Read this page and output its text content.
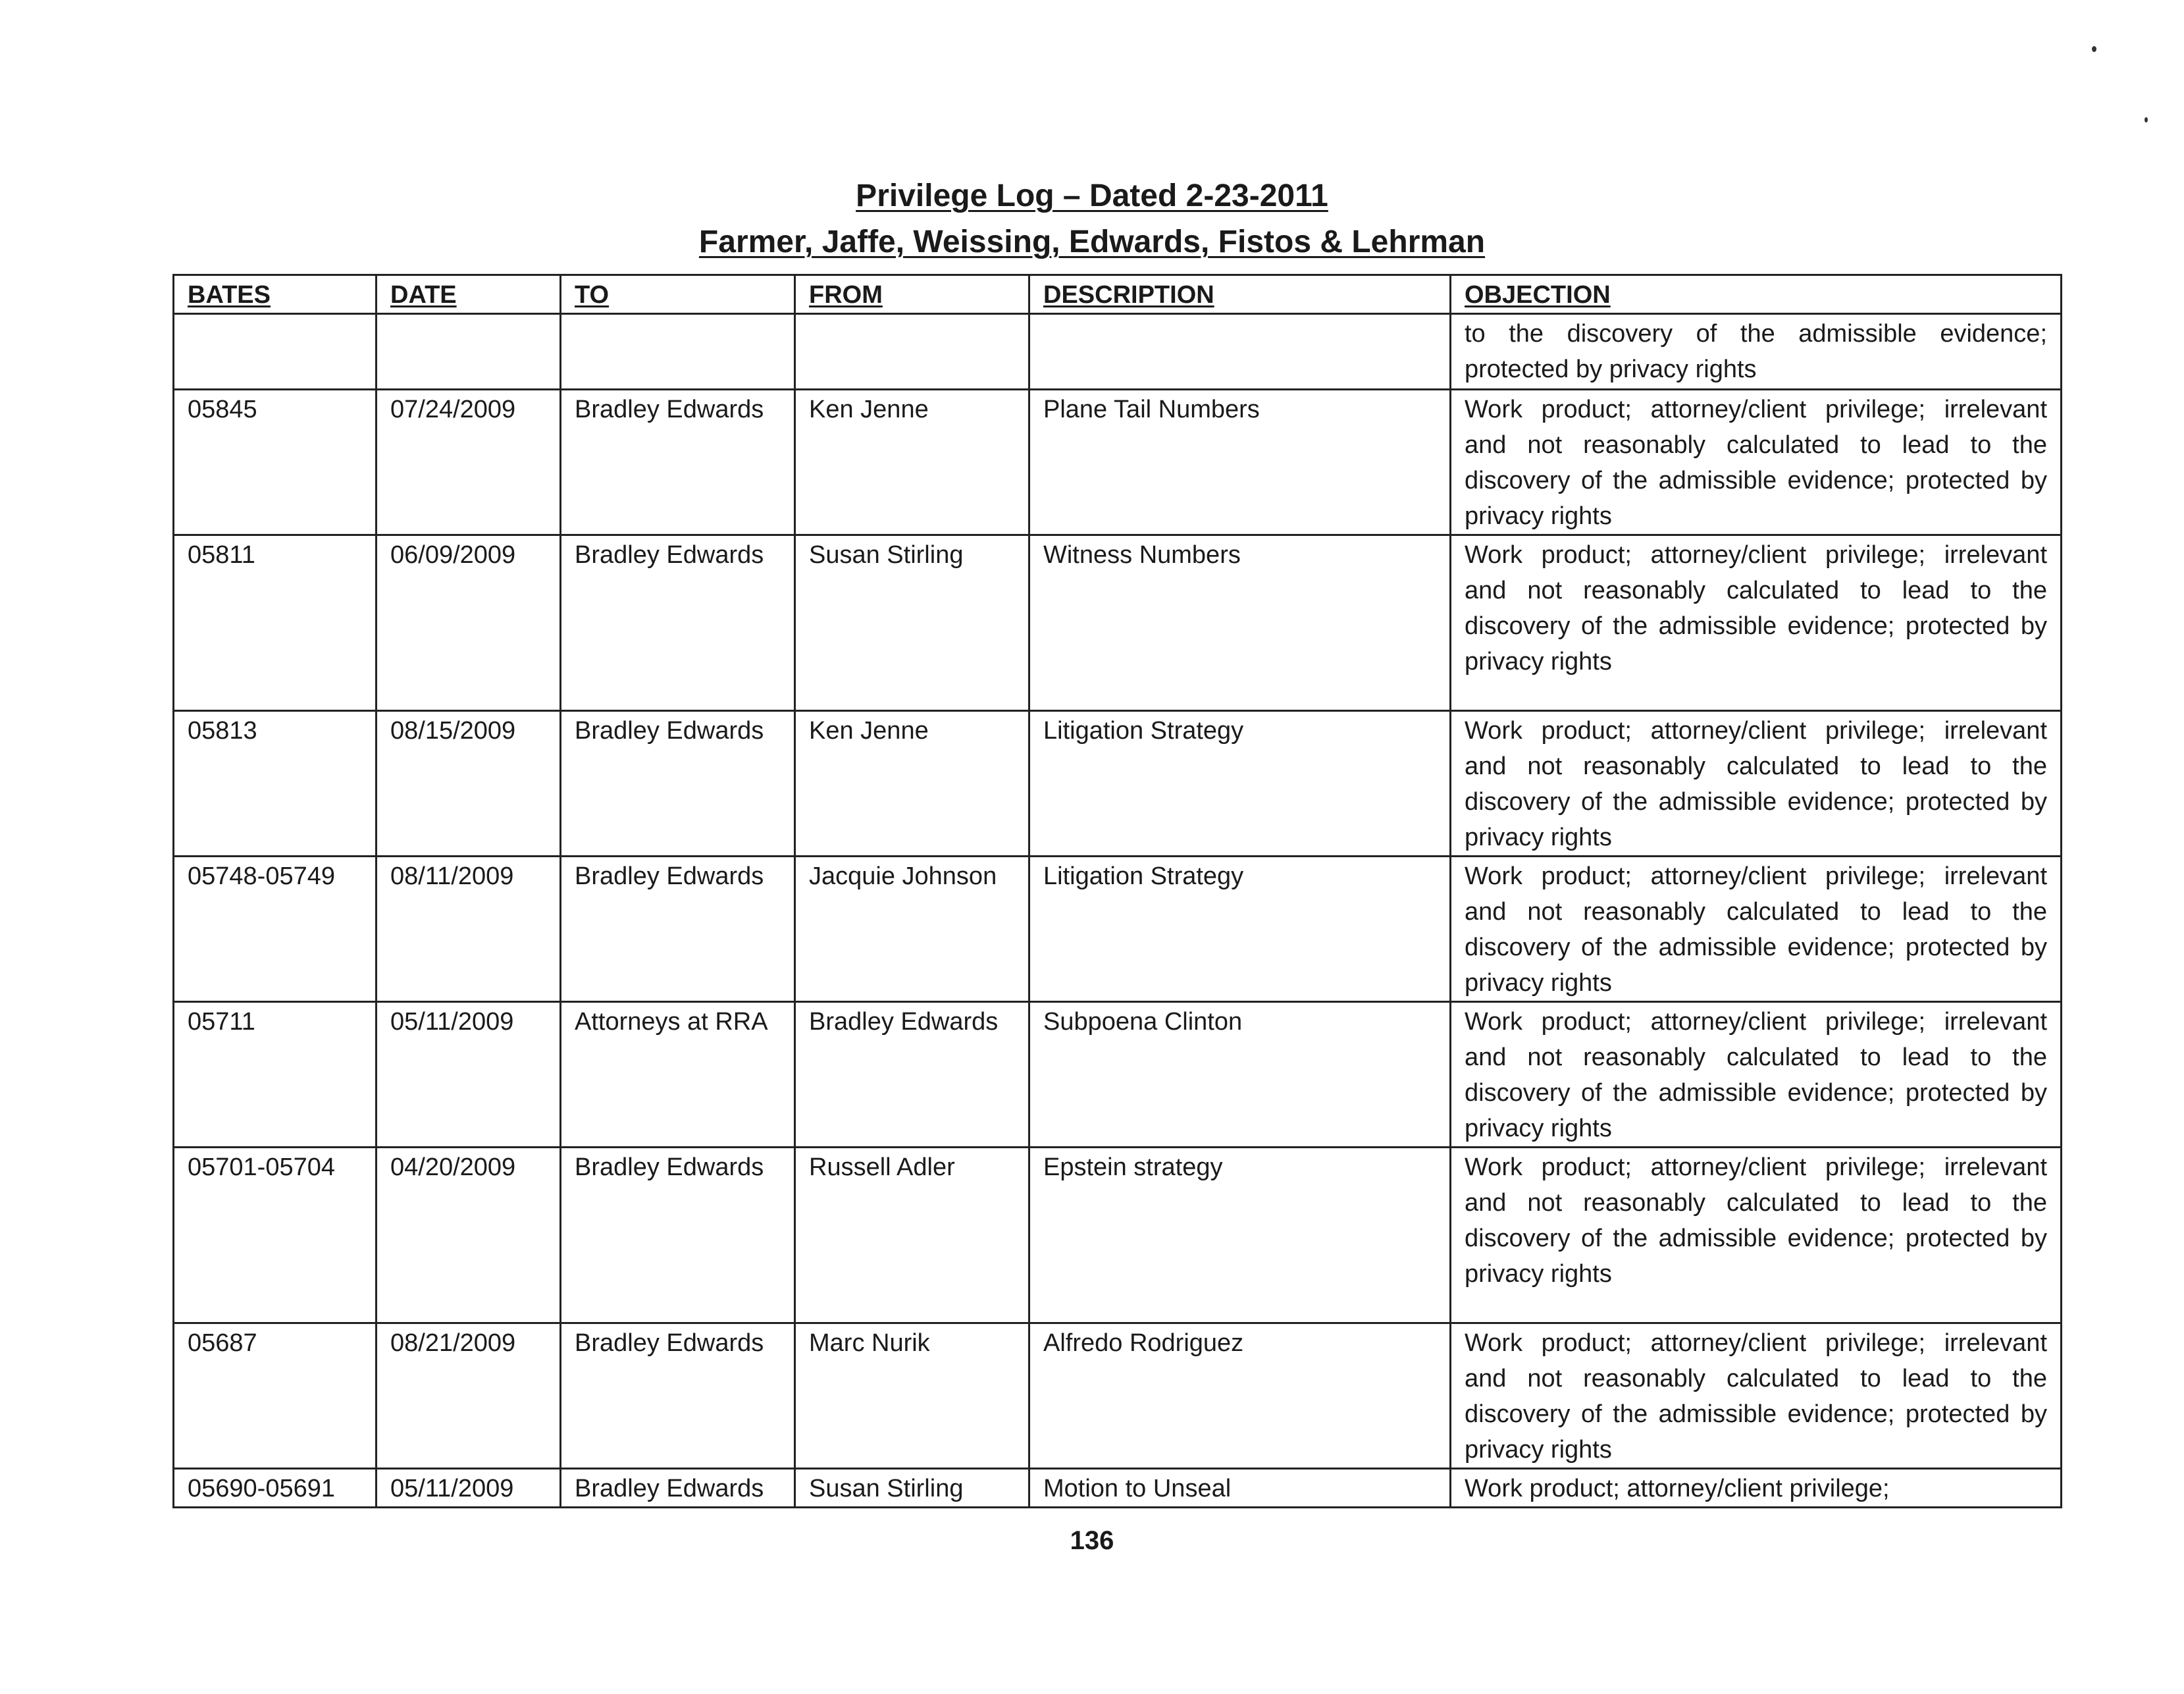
Privilege Log – Dated 2-23-2011
Farmer, Jaffe, Weissing, Edwards, Fistos & Lehrman
BATES	DATE	TO	FROM	DESCRIPTION	OBJECTION
					to the discovery of the admissible evidence; protected by privacy rights
05845	07/24/2009	Bradley Edwards	Ken Jenne	Plane Tail Numbers	Work product; attorney/client privilege; irrelevant and not reasonably calculated to lead to the discovery of the admissible evidence; protected by privacy rights
05811	06/09/2009	Bradley Edwards	Susan Stirling	Witness Numbers	Work product; attorney/client privilege; irrelevant and not reasonably calculated to lead to the discovery of the admissible evidence; protected by privacy rights
05813	08/15/2009	Bradley Edwards	Ken Jenne	Litigation Strategy	Work product; attorney/client privilege; irrelevant and not reasonably calculated to lead to the discovery of the admissible evidence; protected by privacy rights
05748-05749	08/11/2009	Bradley Edwards	Jacquie Johnson	Litigation Strategy	Work product; attorney/client privilege; irrelevant and not reasonably calculated to lead to the discovery of the admissible evidence; protected by privacy rights
05711	05/11/2009	Attorneys at RRA	Bradley Edwards	Subpoena Clinton	Work product; attorney/client privilege; irrelevant and not reasonably calculated to lead to the discovery of the admissible evidence; protected by privacy rights
05701-05704	04/20/2009	Bradley Edwards	Russell Adler	Epstein strategy	Work product; attorney/client privilege; irrelevant and not reasonably calculated to lead to the discovery of the admissible evidence; protected by privacy rights
05687	08/21/2009	Bradley Edwards	Marc Nurik	Alfredo Rodriguez	Work product; attorney/client privilege; irrelevant and not reasonably calculated to lead to the discovery of the admissible evidence; protected by privacy rights
05690-05691	05/11/2009	Bradley Edwards	Susan Stirling	Motion to Unseal	Work product; attorney/client privilege;
136
